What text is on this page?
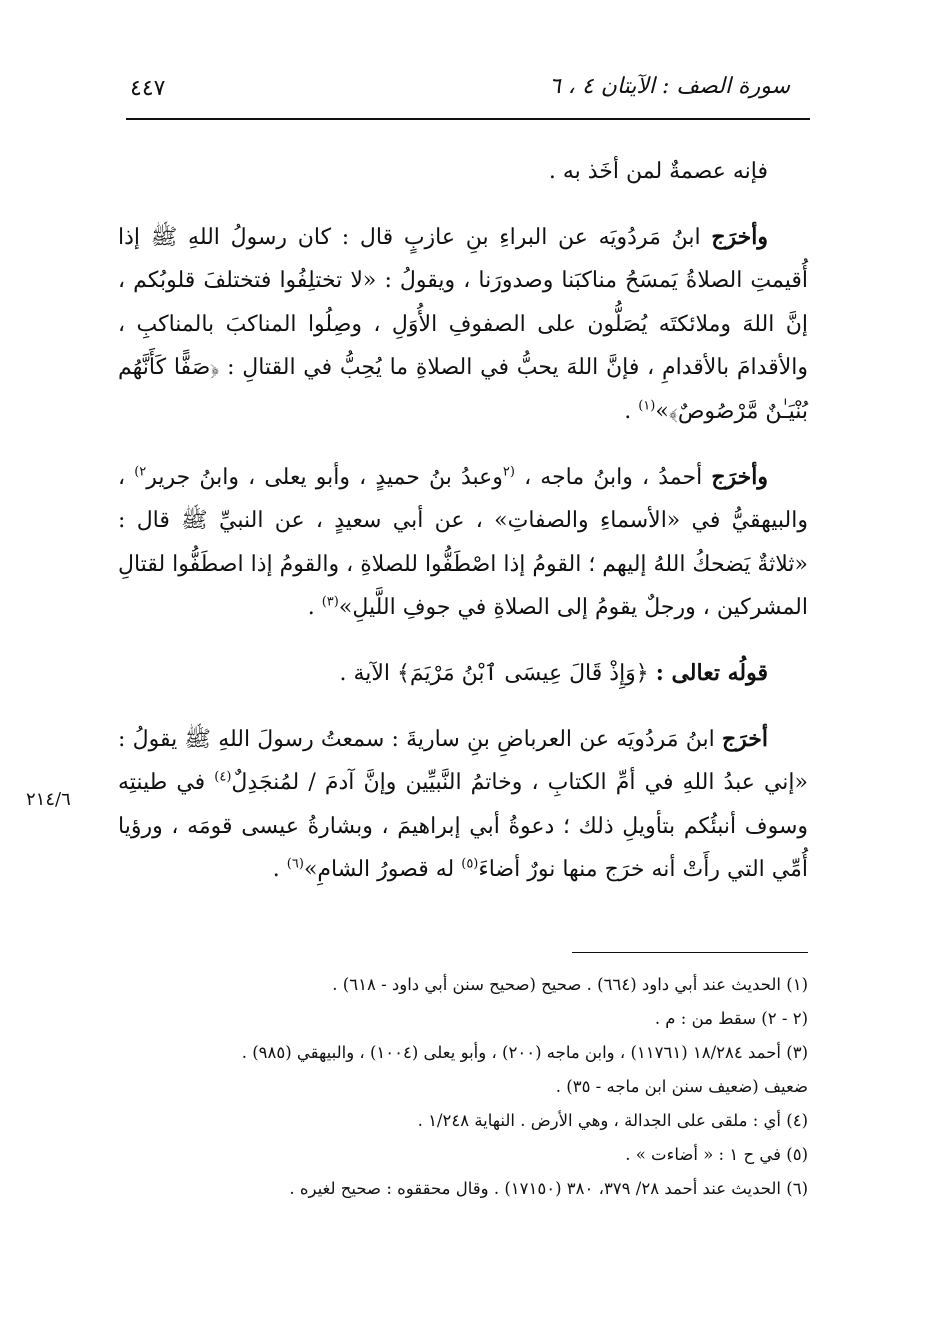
٤٤٧	سورة الصف : الآيتان ٤ ، ٦

فإنه عصمةٌ لمن أخَذ به .

وأخرَج ابنُ مَردُويَه عن البراءِ بنِ عازبٍ قال : كان رسولُ اللهِ ﷺ إذا أُقيمتِ الصلاةُ يَمسَحُ مناكبَنا وصدورَنا ، ويقولُ : «لا تختلِفُوا فتختلفَ قلوبُكم ، إنَّ اللهَ وملائكتَه يُصَلُّون على الصفوفِ الأُوَلِ ، وصِلُوا المناكبَ بالمناكبِ ، والأقدامَ بالأقدامِ ، فإنَّ اللهَ يحبُّ في الصلاةِ ما يُحِبُّ في القتالِ : ﴿صَفًّا كَأَنَّهُم بُنْيَـٰنٌ مَّرْصُوصٌ﴾»$^{(١)}$ .

وأخرَج أحمدُ ، وابنُ ماجه ، $^{(٢}$وعبدُ بنُ حميدٍ ، وأبو يعلى ، وابنُ جرير$^{٢)}$ ، والبيهقيُّ في «الأسماءِ والصفاتِ» ، عن أبي سعيدٍ ، عن النبيِّ ﷺ قال : «ثلاثةٌ يَضحكُ اللهُ إليهم ؛ القومُ إذا اصْطَفُّوا للصلاةِ ، والقومُ إذا اصطَفُّوا لقتالِ المشركين ، ورجلٌ يقومُ إلى الصلاةِ في جوفِ اللَّيلِ»$^{(٣)}$ .

قولُه تعالى : ﴿وَإِذْ قَالَ عِيسَى ٱبْنُ مَرْيَمَ﴾ الآية .

أخرَج ابنُ مَردُويَه عن العرباضِ بنِ ساريةَ : سمعتُ رسولَ اللهِ ﷺ يقولُ : «إني عبدُ اللهِ في أمِّ الكتابِ ، وخاتمُ النَّبيِّين وإنَّ آدمَ / لمُنجَدِلٌ$^{(٤)}$ في طينتِه وسوف أنبئُكم بتأويلِ ذلك ؛ دعوةُ أبي إبراهيمَ ، وبشارةُ عيسى قومَه ، ورؤيا أُمِّي التي رأَتْ أنه خرَج منها نورٌ أضاءَ$^{(٥)}$ له قصورُ الشامِ»$^{(٦)}$ .

٢١٤/٦

(١) الحديث عند أبي داود (٦٦٤) . صحيح (صحيح سنن أبي داود - ٦١٨) .

(٢ - ٢) سقط من : م .

(٣) أحمد ١٨/٢٨٤ (١١٧٦١) ، وابن ماجه (٢٠٠) ، وأبو يعلى (١٠٠٤) ، والبيهقي (٩٨٥) .

ضعيف (ضعيف سنن ابن ماجه - ٣٥) .

(٤) أي : ملقى على الجدالة ، وهي الأرض . النهاية ١/٢٤٨ .

(٥) في ح ١ : « أضاءت » .

(٦) الحديث عند أحمد ٢٨/ ٣٧٩، ٣٨٠ (١٧١٥٠) . وقال محققوه : صحيح لغيره .
